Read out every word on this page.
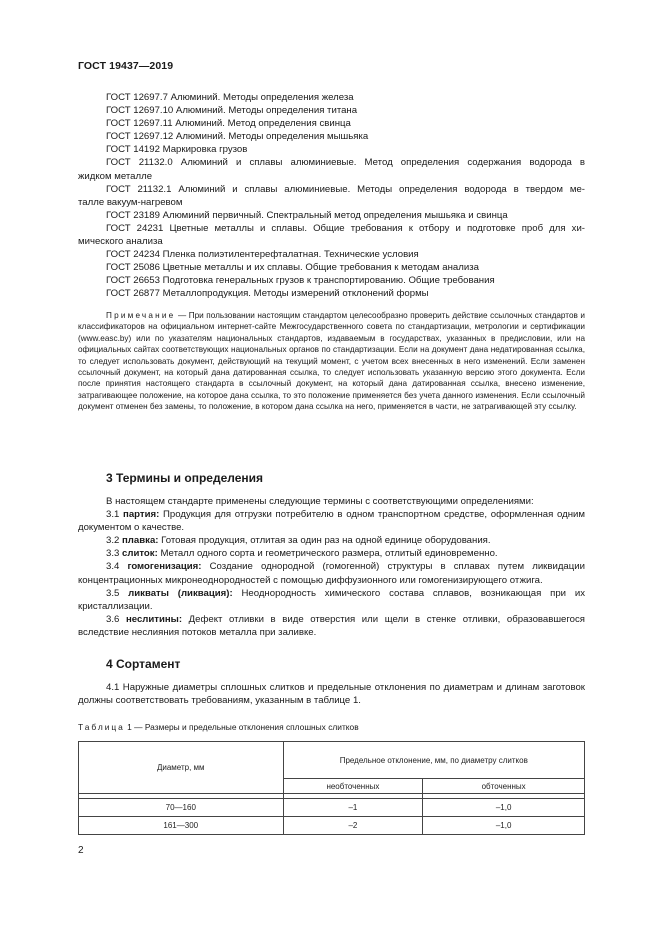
ГОСТ 19437—2019
ГОСТ 12697.7 Алюминий. Методы определения железа
ГОСТ 12697.10 Алюминий. Методы определения титана
ГОСТ 12697.11 Алюминий. Метод определения свинца
ГОСТ 12697.12 Алюминий. Методы определения мышьяка
ГОСТ 14192 Маркировка грузов
ГОСТ 21132.0 Алюминий и сплавы алюминиевые. Метод определения содержания водорода в
жидком металле
ГОСТ 21132.1 Алюминий и сплавы алюминиевые. Методы определения водорода в твердом ме-
талле вакуум-нагревом
ГОСТ 23189 Алюминий первичный. Спектральный метод определения мышьяка и свинца
ГОСТ 24231 Цветные металлы и сплавы. Общие требования к отбору и подготовке проб для хи-
мического анализа
ГОСТ 24234 Пленка полиэтилентерефталатная. Технические условия
ГОСТ 25086 Цветные металлы и их сплавы. Общие требования к методам анализа
ГОСТ 26653 Подготовка генеральных грузов к транспортированию. Общие требования
ГОСТ 26877 Металлопродукция. Методы измерений отклонений формы
Примечание — При пользовании настоящим стандартом целесообразно проверить действие ссылочных стандартов и классификаторов на официальном интернет-сайте Межгосударственного совета по стандартизации, метрологии и сертификации (www.easc.by) или по указателям национальных стандартов, издаваемым в государствах, указанных в предисловии, или на официальных сайтах соответствующих национальных органов по стандартизации. Если на документ дана недатированная ссылка, то следует использовать документ, действующий на текущий момент, с учетом всех внесенных в него изменений. Если заменен ссылочный документ, на который дана датированная ссылка, то следует использовать указанную версию этого документа. Если после принятия настоящего стандарта в ссылочный документ, на который дана датированная ссылка, внесено изменение, затрагивающее положение, на которое дана ссылка, то это положение применяется без учета данного изменения. Если ссылочный документ отменен без замены, то положение, в котором дана ссылка на него, применяется в части, не затрагивающей эту ссылку.
3 Термины и определения
В настоящем стандарте применены следующие термины с соответствующими определениями:
3.1 партия: Продукция для отгрузки потребителю в одном транспортном средстве, оформленная одним документом о качестве.
3.2 плавка: Готовая продукция, отлитая за один раз на одной единице оборудования.
3.3 слиток: Металл одного сорта и геометрического размера, отлитый единовременно.
3.4 гомогенизация: Создание однородной (гомогенной) структуры в сплавах путем ликвидации концентрационных микронеоднородностей с помощью диффузионного или гомогенизирующего отжига.
3.5 ликваты (ликвация): Неоднородность химического состава сплавов, возникающая при их кристаллизации.
3.6 неслитины: Дефект отливки в виде отверстия или щели в стенке отливки, образовавшегося вследствие неслияния потоков металла при заливке.
4 Сортамент
4.1 Наружные диаметры сплошных слитков и предельные отклонения по диаметрам и длинам заготовок должны соответствовать требованиям, указанным в таблице 1.
Таблица 1 — Размеры и предельные отклонения сплошных слитков
Диаметр, мм	Предельное отклонение, мм, по диаметру слитков	
	необточенных	обточенных

70—160	–1	–1,0
161—300	–2	–1,0
2
